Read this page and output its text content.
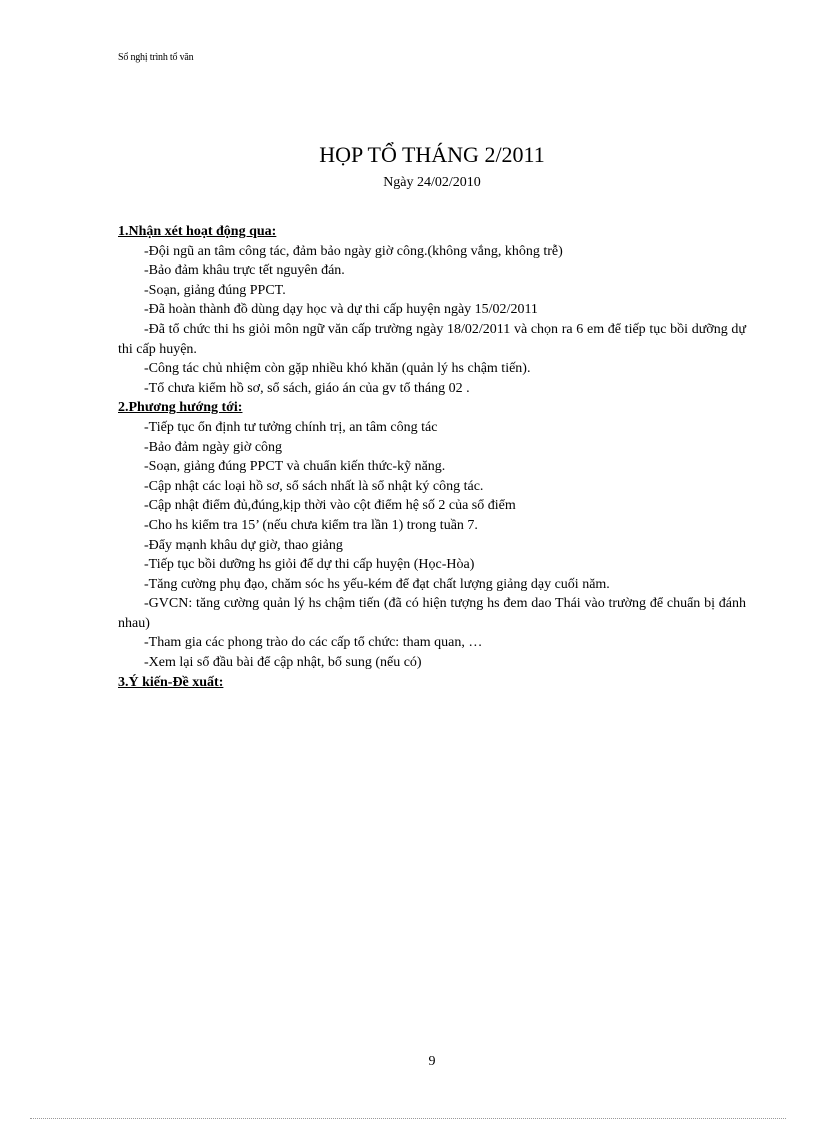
Sổ nghị trình tổ văn
HỌP TỔ THÁNG 2/2011
Ngày 24/02/2010
1.Nhận xét hoạt động qua:
-Đội ngũ an tâm công tác, đảm bảo ngày giờ công.(không vắng, không trễ)
-Bảo đảm khâu trực tết nguyên đán.
-Soạn, giảng đúng PPCT.
-Đã hoàn thành đồ dùng dạy học và dự thi cấp huyện ngày 15/02/2011
-Đã tổ chức thi hs giỏi môn ngữ văn cấp trường ngày 18/02/2011 và chọn ra 6 em để tiếp tục bồi dưỡng dự thi cấp huyện.
-Công tác chủ nhiệm còn gặp nhiều khó khăn (quản lý hs chậm tiến).
-Tổ chưa kiểm hồ sơ, sổ sách, giáo án của gv tổ tháng 02 .
2.Phương hướng tới:
-Tiếp tục ổn định tư tưởng chính trị, an tâm công tác
-Bảo đảm ngày giờ công
-Soạn, giảng đúng PPCT và chuẩn kiến thức-kỹ năng.
-Cập nhật các loại hồ sơ, sổ sách nhất là sổ nhật ký công tác.
-Cập nhật điểm đủ,đúng,kịp thời vào cột điểm hệ số 2 của sổ điểm
-Cho hs kiểm tra 15’ (nếu chưa kiểm tra lần 1) trong tuần 7.
-Đẩy mạnh khâu dự giờ, thao giảng
-Tiếp tục bồi dưỡng hs giỏi để dự thi cấp huyện (Học-Hòa)
-Tăng cường phụ đạo, chăm sóc hs yếu-kém để đạt chất lượng giảng dạy cuối năm.
-GVCN: tăng cường quản lý hs chậm tiến (đã có hiện tượng hs đem dao Thái vào trường để chuẩn bị đánh nhau)
-Tham gia các phong trào do các cấp tổ chức: tham quan, …
-Xem lại sổ đầu bài để cập nhật, bổ sung (nếu có)
3.Ý kiến-Đề xuất:
9
